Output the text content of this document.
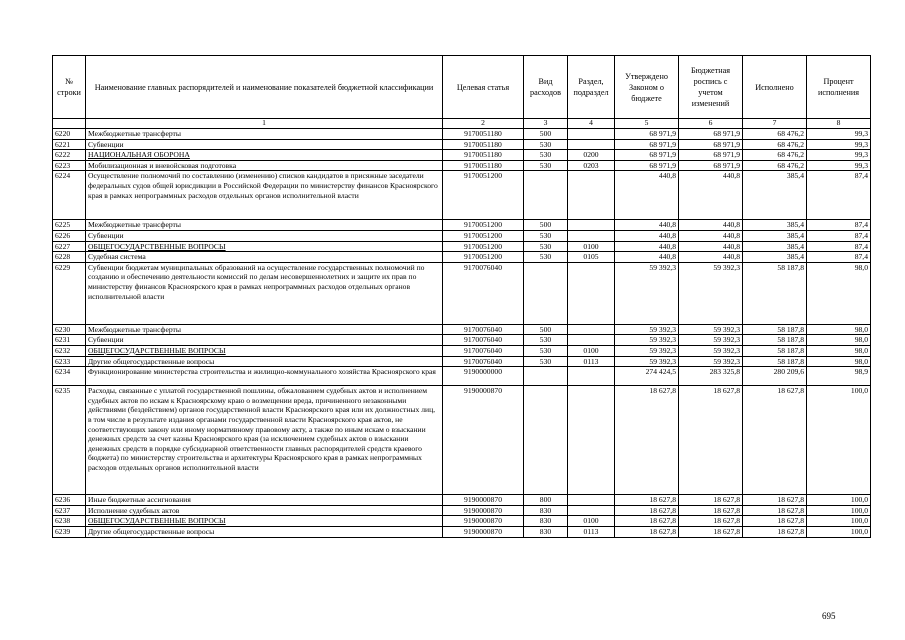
№ строки	Наименование главных распорядителей и наименование показателей бюджетной классификации	Целевая статья	Вид расходов	Раздел, подраздел	Утверждено Законом о бюджете	Бюджетная роспись с учетом изменений	Исполнено	Процент исполнения
	1	2	3	4	5	6	7	8
6220	Межбюджетные трансферты	9170051180	500		68 971,9	68 971,9	68 476,2	99,3
6221	Субвенции	9170051180	530		68 971,9	68 971,9	68 476,2	99,3
6222	НАЦИОНАЛЬНАЯ ОБОРОНА	9170051180	530	0200	68 971,9	68 971,9	68 476,2	99,3
6223	Мобилизационная и вневойсковая подготовка	9170051180	530	0203	68 971,9	68 971,9	68 476,2	99,3
6224	Осуществление полномочий по составлению (изменению) списков кандидатов в присяжные заседатели федеральных судов общей юрисдикции в Российской Федерации по министерству финансов Красноярского края в рамках непрограммных расходов отдельных органов исполнительной власти	9170051200			440,8	440,8	385,4	87,4
6225	Межбюджетные трансферты	9170051200	500		440,8	440,8	385,4	87,4
6226	Субвенции	9170051200	530		440,8	440,8	385,4	87,4
6227	ОБЩЕГОСУДАРСТВЕННЫЕ ВОПРОСЫ	9170051200	530	0100	440,8	440,8	385,4	87,4
6228	Судебная система	9170051200	530	0105	440,8	440,8	385,4	87,4
6229	Субвенции бюджетам муниципальных образований на осуществление государственных полномочий по созданию и обеспечению деятельности комиссий по делам несовершеннолетних и защите их прав по министерству финансов Красноярского края в рамках непрограммных расходов отдельных органов исполнительной власти	9170076040			59 392,3	59 392,3	58 187,8	98,0
6230	Межбюджетные трансферты	9170076040	500		59 392,3	59 392,3	58 187,8	98,0
6231	Субвенции	9170076040	530		59 392,3	59 392,3	58 187,8	98,0
6232	ОБЩЕГОСУДАРСТВЕННЫЕ ВОПРОСЫ	9170076040	530	0100	59 392,3	59 392,3	58 187,8	98,0
6233	Другие общегосударственные вопросы	9170076040	530	0113	59 392,3	59 392,3	58 187,8	98,0
6234	Функционирование министерства строительства и жилищно-коммунального хозяйства Красноярского края	9190000000			274 424,5	283 325,8	280 209,6	98,9
6235	Расходы, связанные с уплатой государственной пошлины, обжалованием судебных актов и исполнением судебных актов по искам к Красноярскому краю о возмещении вреда, причиненного незаконными действиями (бездействием) органов государственной власти Красноярского края или их должностных лиц, в том числе в результате издания органами государственной власти Красноярского края актов, не соответствующих закону или иному нормативному правовому акту, а также по иным искам о взыскании денежных средств за счет казны Красноярского края (за исключением судебных актов о взыскании денежных средств в порядке субсидиарной ответственности главных распорядителей средств краевого бюджета) по министерству строительства и архитектуры Красноярского края в рамках непрограммных расходов отдельных органов исполнительной власти	9190000870			18 627,8	18 627,8	18 627,8	100,0
6236	Иные бюджетные ассигнования	9190000870	800		18 627,8	18 627,8	18 627,8	100,0
6237	Исполнение судебных актов	9190000870	830		18 627,8	18 627,8	18 627,8	100,0
6238	ОБЩЕГОСУДАРСТВЕННЫЕ ВОПРОСЫ	9190000870	830	0100	18 627,8	18 627,8	18 627,8	100,0
6239	Другие общегосударственные вопросы	9190000870	830	0113	18 627,8	18 627,8	18 627,8	100,0
695
